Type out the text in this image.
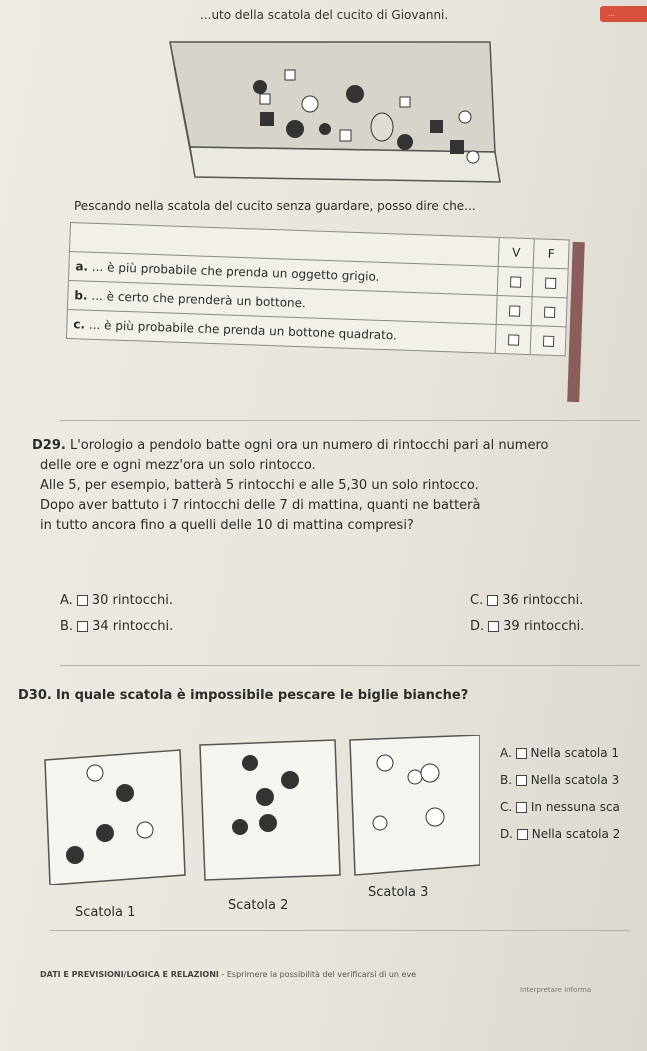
...uto della scatola del cucito di Giovanni.	...
Pescando nella scatola del cucito senza guardare, posso dire che...
	V	F
a. ... è più probabile che prenda un oggetto grigio.		
b. ... è certo che prenderà un bottone.		
c. ... è più probabile che prenda un bottone quadrato.		

D29. L'orologio a pendolo batte ogni ora un numero di rintocchi pari al numero

delle ore e ogni mezz'ora un solo rintocco.

Alle 5, per esempio, batterà 5 rintocchi e alle 5,30 un solo rintocco.

Dopo aver battuto i 7 rintocchi delle 7 di mattina, quanti ne batterà

in tutto ancora fino a quelli delle 10 di mattina compresi?

A. 30 rintocchi.	C. 36 rintocchi.
B. 34 rintocchi.	D. 39 rintocchi.
D30. In quale scatola è impossibile pescare le biglie bianche?
A. Nella scatola 1
B. Nella scatola 3
C. In nessuna sca
D. Nella scatola 2
Scatola 1	Scatola 2
Scatola 3
DATI E PREVISIONI/LOGICA E RELAZIONI - Esprimere la possibilità del verificarsi di un eve
Interpretare informa
